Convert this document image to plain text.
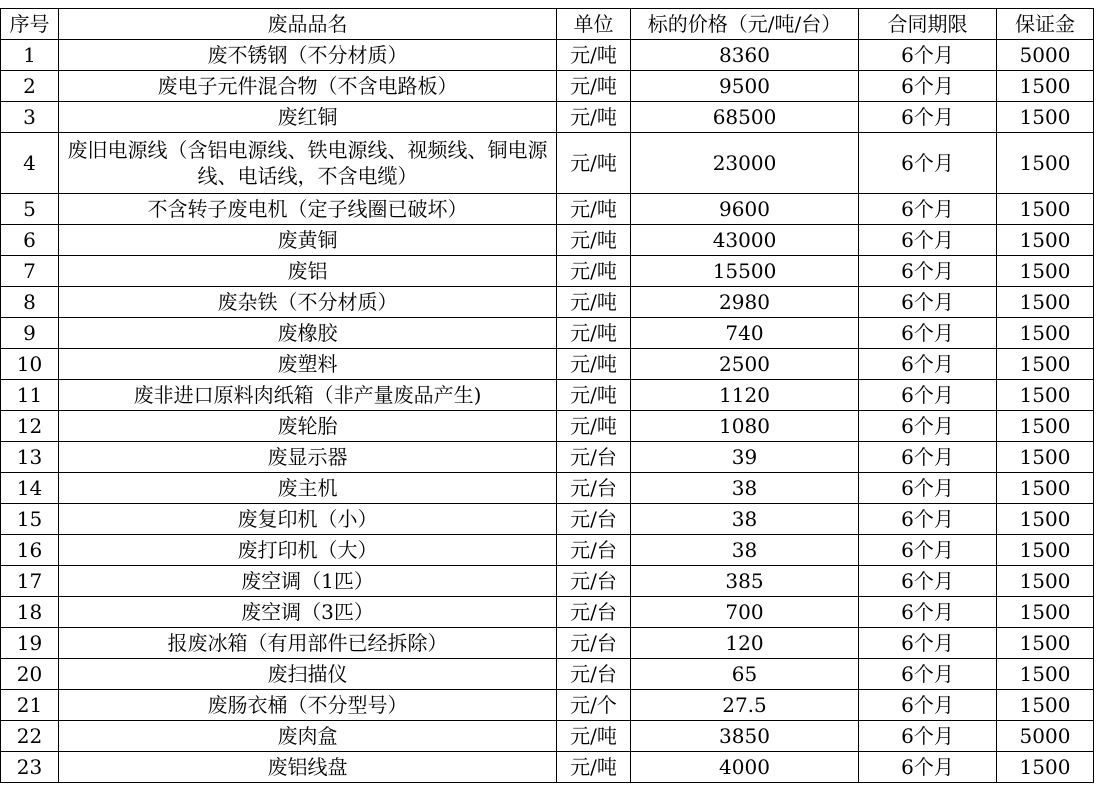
序号	废品品名	单位	标的价格（元/吨/台）	合同期限	保证金
1	废不锈钢（不分材质）	元/吨	8360	6个月	5000
2	废电子元件混合物（不含电路板）	元/吨	9500	6个月	1500
3	废红铜	元/吨	68500	6个月	1500
4	废旧电源线（含铝电源线、铁电源线、视频线、铜电源线、电话线，不含电缆）	元/吨	23000	6个月	1500
5	不含转子废电机（定子线圈已破坏）	元/吨	9600	6个月	1500
6	废黄铜	元/吨	43000	6个月	1500
7	废铝	元/吨	15500	6个月	1500
8	废杂铁（不分材质）	元/吨	2980	6个月	1500
9	废橡胶	元/吨	740	6个月	1500
10	废塑料	元/吨	2500	6个月	1500
11	废非进口原料肉纸箱（非产量废品产生)	元/吨	1120	6个月	1500
12	废轮胎	元/吨	1080	6个月	1500
13	废显示器	元/台	39	6个月	1500
14	废主机	元/台	38	6个月	1500
15	废复印机（小）	元/台	38	6个月	1500
16	废打印机（大）	元/台	38	6个月	1500
17	废空调（1匹）	元/台	385	6个月	1500
18	废空调（3匹）	元/台	700	6个月	1500
19	报废冰箱（有用部件已经拆除）	元/台	120	6个月	1500
20	废扫描仪	元/台	65	6个月	1500
21	废肠衣桶（不分型号）	元/个	27.5	6个月	1500
22	废肉盒	元/吨	3850	6个月	5000
23	废铝线盘	元/吨	4000	6个月	1500
